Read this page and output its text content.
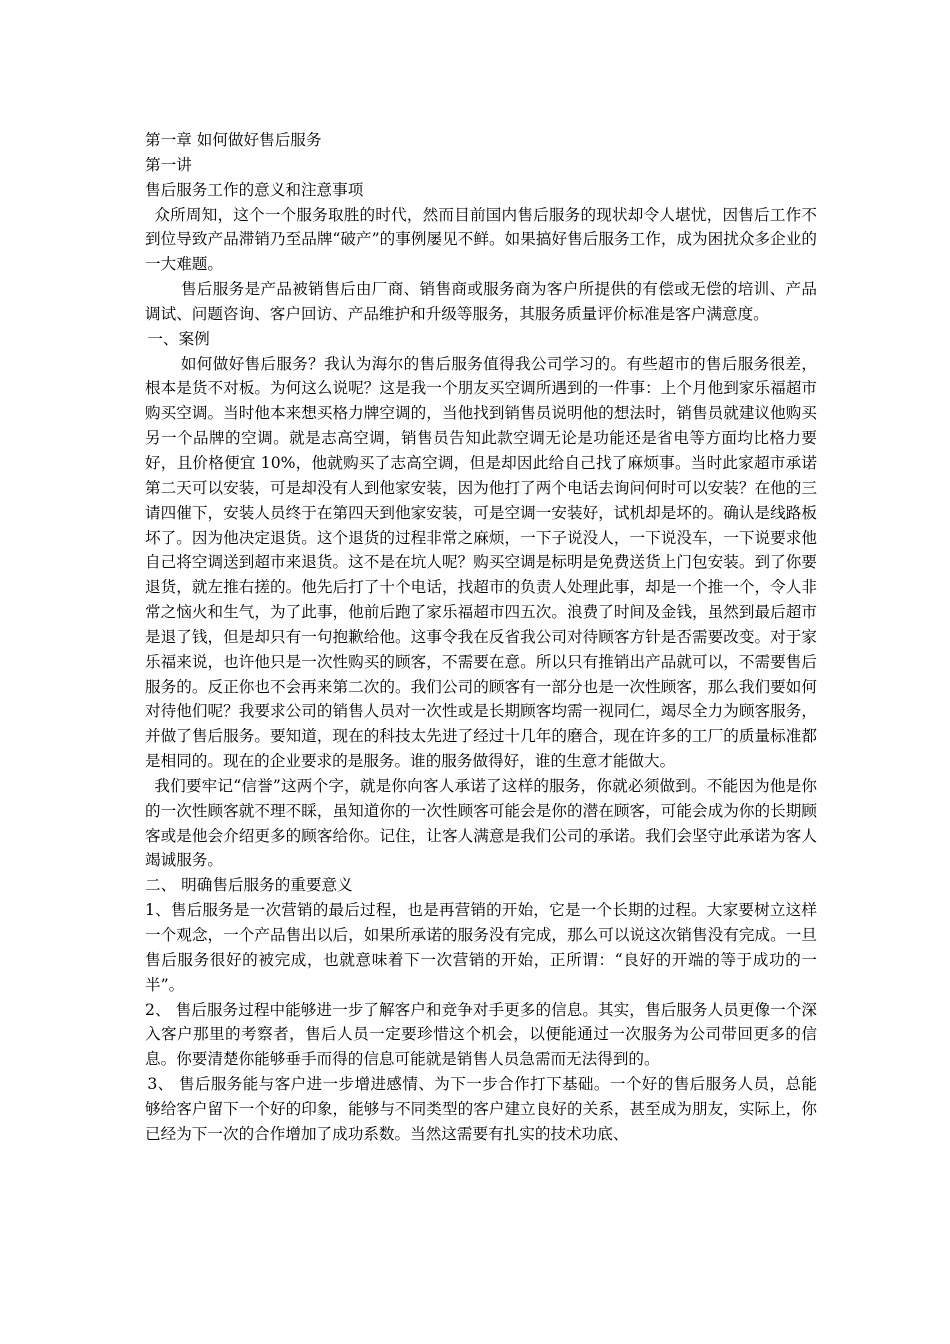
第一章 如何做好售后服务

第一讲

售后服务工作的意义和注意事项

众所周知，这个一个服务取胜的时代，然而目前国内售后服务的现状却令人堪忧，因售后工作不到位导致产品滞销乃至品牌“破产”的事例屡见不鲜。如果搞好售后服务工作，成为困扰众多企业的一大难题。

售后服务是产品被销售后由厂商、销售商或服务商为客户所提供的有偿或无偿的培训、产品调试、问题咨询、客户回访、产品维护和升级等服务，其服务质量评价标准是客户满意度。

一、案例

如何做好售后服务？我认为海尔的售后服务值得我公司学习的。有些超市的售后服务很差，根本是货不对板。为何这么说呢？这是我一个朋友买空调所遇到的一件事：上个月他到家乐福超市购买空调。当时他本来想买格力牌空调的，当他找到销售员说明他的想法时，销售员就建议他购买另一个品牌的空调。就是志高空调，销售员告知此款空调无论是功能还是省电等方面均比格力要好，且价格便宜 10%，他就购买了志高空调，但是却因此给自己找了麻烦事。当时此家超市承诺第二天可以安装，可是却没有人到他家安装，因为他打了两个电话去询问何时可以安装？在他的三请四催下，安装人员终于在第四天到他家安装，可是空调一安装好，试机却是坏的。确认是线路板坏了。因为他决定退货。这个退货的过程非常之麻烦，一下子说没人，一下说没车，一下说要求他自己将空调送到超市来退货。这不是在坑人呢？购买空调是标明是免费送货上门包安装。到了你要退货，就左推右搓的。他先后打了十个电话，找超市的负责人处理此事，却是一个推一个，令人非常之恼火和生气，为了此事，他前后跑了家乐福超市四五次。浪费了时间及金钱，虽然到最后超市是退了钱，但是却只有一句抱歉给他。这事令我在反省我公司对待顾客方针是否需要改变。对于家乐福来说，也许他只是一次性购买的顾客，不需要在意。所以只有推销出产品就可以，不需要售后服务的。反正你也不会再来第二次的。我们公司的顾客有一部分也是一次性顾客，那么我们要如何对待他们呢？我要求公司的销售人员对一次性或是长期顾客均需一视同仁，竭尽全力为顾客服务，并做了售后服务。要知道，现在的科技太先进了经过十几年的磨合，现在许多的工厂的质量标准都是相同的。现在的企业要求的是服务。谁的服务做得好，谁的生意才能做大。

我们要牢记“信誉”这两个字，就是你向客人承诺了这样的服务，你就必须做到。不能因为他是你的一次性顾客就不理不睬，虽知道你的一次性顾客可能会是你的潜在顾客，可能会成为你的长期顾客或是他会介绍更多的顾客给你。记住，让客人满意是我们公司的承诺。我们会坚守此承诺为客人竭诚服务。

二、 明确售后服务的重要意义

1、售后服务是一次营销的最后过程，也是再营销的开始，它是一个长期的过程。大家要树立这样一个观念，一个产品售出以后，如果所承诺的服务没有完成，那么可以说这次销售没有完成。一旦售后服务很好的被完成，也就意味着下一次营销的开始，正所谓：“良好的开端的等于成功的一半”。

2、 售后服务过程中能够进一步了解客户和竞争对手更多的信息。其实，售后服务人员更像一个深入客户那里的考察者，售后人员一定要珍惜这个机会，以便能通过一次服务为公司带回更多的信息。你要清楚你能够垂手而得的信息可能就是销售人员急需而无法得到的。

3、 售后服务能与客户进一步增进感情、为下一步合作打下基础。一个好的售后服务人员，总能够给客户留下一个好的印象，能够与不同类型的客户建立良好的关系，甚至成为朋友，实际上，你已经为下一次的合作增加了成功系数。当然这需要有扎实的技术功底、
